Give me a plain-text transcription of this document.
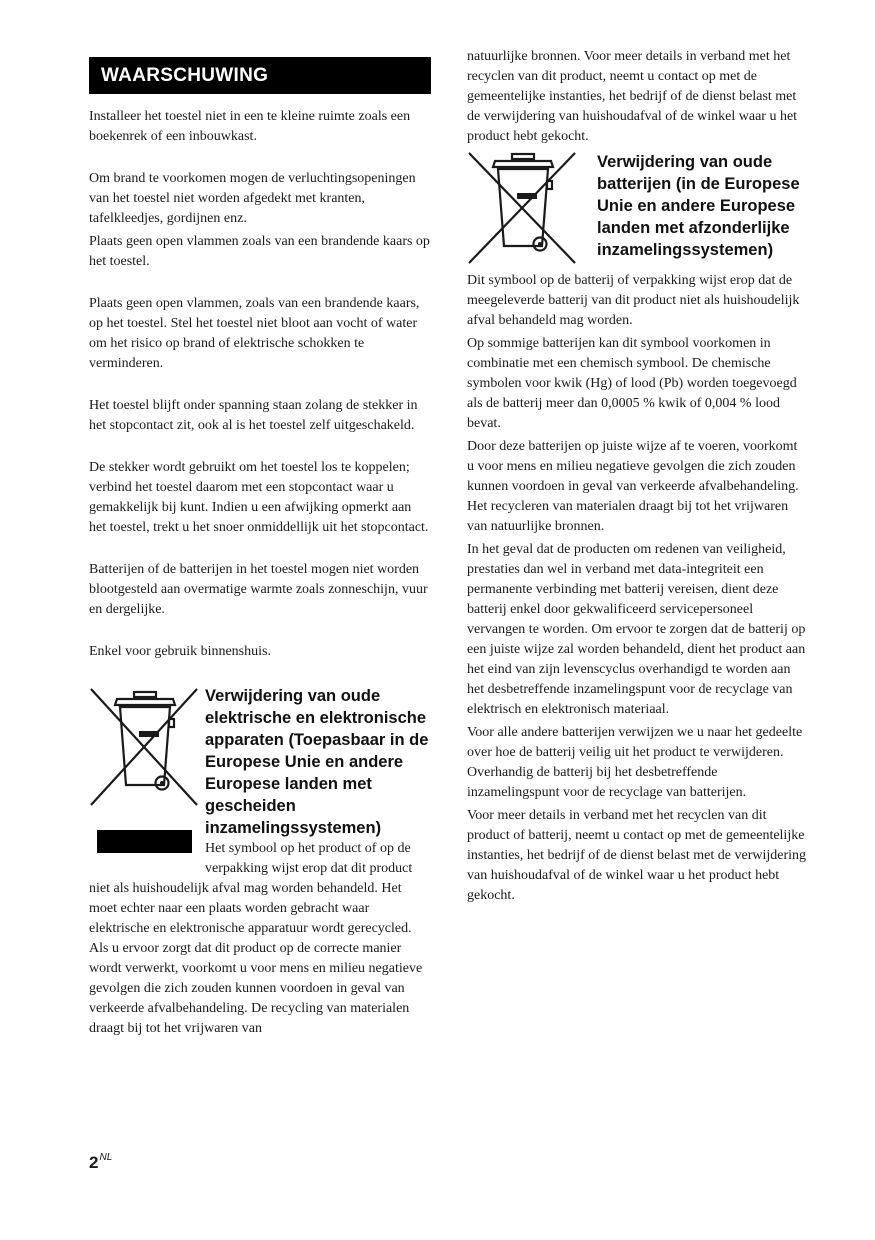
WAARSCHUWING

Installeer het toestel niet in een te kleine ruimte zoals een boekenrek of een inbouwkast.

Om brand te voorkomen mogen de verluchtingsopeningen van het toestel niet worden afgedekt met kranten, tafelkleedjes, gordijnen enz.

Plaats geen open vlammen zoals van een brandende kaars op het toestel.

Plaats geen open vlammen, zoals van een brandende kaars, op het toestel. Stel het toestel niet bloot aan vocht of water om het risico op brand of elektrische schokken te verminderen.

Het toestel blijft onder spanning staan zolang de stekker in het stopcontact zit, ook al is het toestel zelf uitgeschakeld.

De stekker wordt gebruikt om het toestel los te koppelen; verbind het toestel daarom met een stopcontact waar u gemakkelijk bij kunt. Indien u een afwijking opmerkt aan het toestel, trekt u het snoer onmiddellijk uit het stopcontact.

Batterijen of de batterijen in het toestel mogen niet worden blootgesteld aan overmatige warmte zoals zonneschijn, vuur en dergelijke.

Enkel voor gebruik binnenshuis.

Verwijdering van oude elektrische en elektronische apparaten (Toepasbaar in de Europese Unie en andere Europese landen met gescheiden inzamelingssystemen)

Het symbool op het product of op de verpakking wijst erop dat dit product niet als huishoudelijk afval mag worden behandeld. Het moet echter naar een plaats worden gebracht waar elektrische en elektronische apparatuur wordt gerecycled. Als u ervoor zorgt dat dit product op de correcte manier wordt verwerkt, voorkomt u voor mens en milieu negatieve gevolgen die zich zouden kunnen voordoen in geval van verkeerde afvalbehandeling. De recycling van materialen draagt bij tot het vrijwaren van

natuurlijke bronnen. Voor meer details in verband met het recyclen van dit product, neemt u contact op met de gemeentelijke instanties, het bedrijf of de dienst belast met de verwijdering van huishoudafval of de winkel waar u het product hebt gekocht.

Verwijdering van oude batterijen (in de Europese Unie en andere Europese landen met afzonderlijke inzamelingssystemen)

Dit symbool op de batterij of verpakking wijst erop dat de meegeleverde batterij van dit product niet als huishoudelijk afval behandeld mag worden.

Op sommige batterijen kan dit symbool voorkomen in combinatie met een chemisch symbool. De chemische symbolen voor kwik (Hg) of lood (Pb) worden toegevoegd als de batterij meer dan 0,0005 % kwik of 0,004 % lood bevat.

Door deze batterijen op juiste wijze af te voeren, voorkomt u voor mens en milieu negatieve gevolgen die zich zouden kunnen voordoen in geval van verkeerde afvalbehandeling. Het recycleren van materialen draagt bij tot het vrijwaren van natuurlijke bronnen.

In het geval dat de producten om redenen van veiligheid, prestaties dan wel in verband met data-integriteit een permanente verbinding met batterij vereisen, dient deze batterij enkel door gekwalificeerd servicepersoneel vervangen te worden. Om ervoor te zorgen dat de batterij op een juiste wijze zal worden behandeld, dient het product aan het eind van zijn levenscyclus overhandigd te worden aan het desbetreffende inzamelingspunt voor de recyclage van elektrisch en elektronisch materiaal.

Voor alle andere batterijen verwijzen we u naar het gedeelte over hoe de batterij veilig uit het product te verwijderen. Overhandig de batterij bij het desbetreffende inzamelingspunt voor de recyclage van batterijen.

Voor meer details in verband met het recyclen van dit product of batterij, neemt u contact op met de gemeentelijke instanties, het bedrijf of de dienst belast met de verwijdering van huishoudafval of de winkel waar u het product hebt gekocht.

$2^{NL}$
